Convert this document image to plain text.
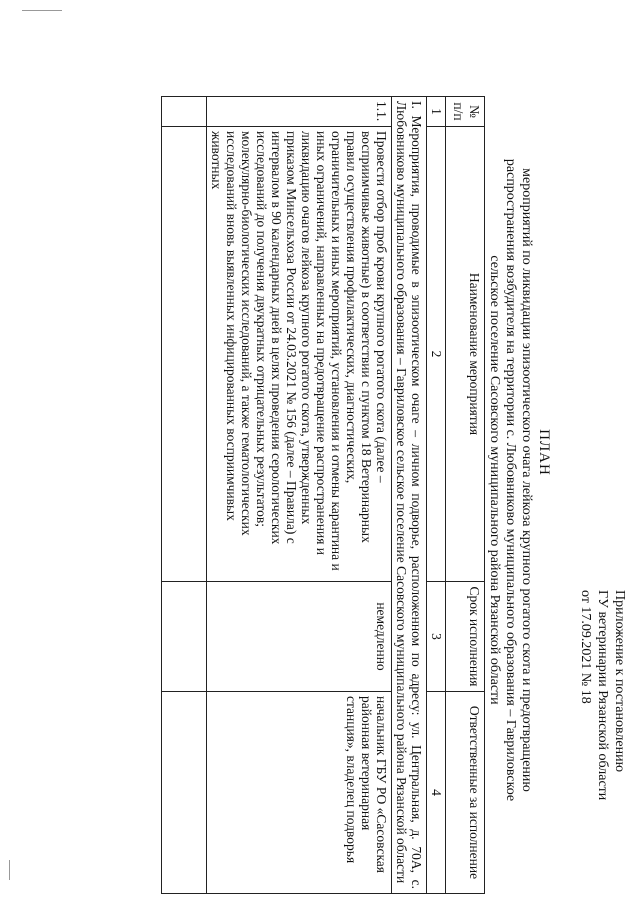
Приложение к постановлению
ГУ ветеринарии Рязанской области
от 17.09.2021 № 18
ПЛАН
мероприятий по ликвидации эпизоотического очага лейкоза крупного рогатого скота и предотвращению распространения возбудителя на территории с. Любовниково муниципального образования – Гавриловское сельское поселение Сасовского муниципального района Рязанской области
№ п/п	Наименование мероприятия	Срок исполнения	Ответственные за исполнение
1	2	3	4
I. Мероприятия, проводимые в эпизоотическом очаге – личном подворье, расположенном по адресу: ул. Центральная, д. 70А, с. Любовниково муниципального образования – Гавриловское сельское поселение Сасовского муниципального района Рязанской области			
1.1.	Провести отбор проб крови крупного рогатого скота (далее – восприимчивые животные) в соответствии с пунктом 18 Ветеринарных правил осуществления профилактических, диагностических, ограничительных и иных мероприятий, установления и отмены карантина и иных ограничений, направленных на предотвращение распространения и ликвидацию очагов лейкоза крупного рогатого скота, утвержденных приказом Минсельхоза России от 24.03.2021 № 156 (далее – Правила) с интервалом в 90 календарных дней в целях проведения серологических исследований до получения двукратных отрицательных результатов; молекулярно-биологических исследований, а также гематологических исследований вновь выявленных инфицированных восприимчивых животных	немедленно	начальник ГБУ РО «Сасовская районная ветеринарная станция», владелец подворья
